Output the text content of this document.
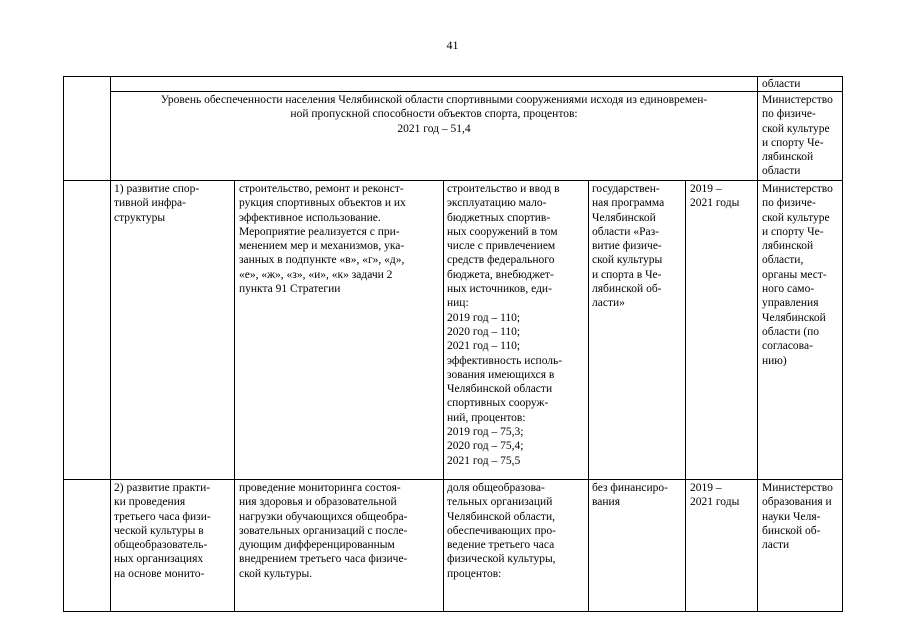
41
области
Уровень обеспеченности населения Челябинской области спортивными сооружениями исходя из единовремен-
ной пропускной способности объектов спорта, процентов:
2021 год – 51,4
Министерство
по физиче-
ской культуре
и спорту Че-
лябинской
области
1) развитие спор-
тивной инфра-
структуры
строительство, ремонт и реконст-
рукция спортивных объектов и их
эффективное использование.
Мероприятие реализуется с при-
менением мер и механизмов, ука-
занных в подпункте «в», «г», «д»,
«е», «ж», «з», «и», «к» задачи 2
пункта 91 Стратегии
строительство и ввод в
эксплуатацию мало-
бюджетных спортив-
ных сооружений в том
числе с привлечением
средств федерального
бюджета, внебюджет-
ных источников, еди-
ниц:
2019 год – 110;
2020 год – 110;
2021 год – 110;
эффективность исполь-
зования имеющихся в
Челябинской области
спортивных сооруж-
ний, процентов:
2019 год – 75,3;
2020 год – 75,4;
2021 год – 75,5
государствен-
ная программа
Челябинской
области «Раз-
витие физиче-
ской культуры
и спорта в Че-
лябинской об-
ласти»
2019 –
2021 годы
Министерство
по физиче-
ской культуре
и спорту Че-
лябинской
области,
органы мест-
ного само-
управления
Челябинской
области (по
согласова-
нию)
2) развитие практи-
ки проведения
третьего часа физи-
ческой культуры в
общеобразователь-
ных организациях
на основе монито-
проведение мониторинга состоя-
ния здоровья и образовательной
нагрузки обучающихся общеобра-
зовательных организаций с после-
дующим дифференцированным
внедрением третьего часа физиче-
ской культуры.
доля общеобразова-
тельных организаций
Челябинской области,
обеспечивающих про-
ведение третьего часа
физической культуры,
процентов:
без финансиро-
вания
2019 –
2021 годы
Министерство
образования и
науки Челя-
бинской об-
ласти
